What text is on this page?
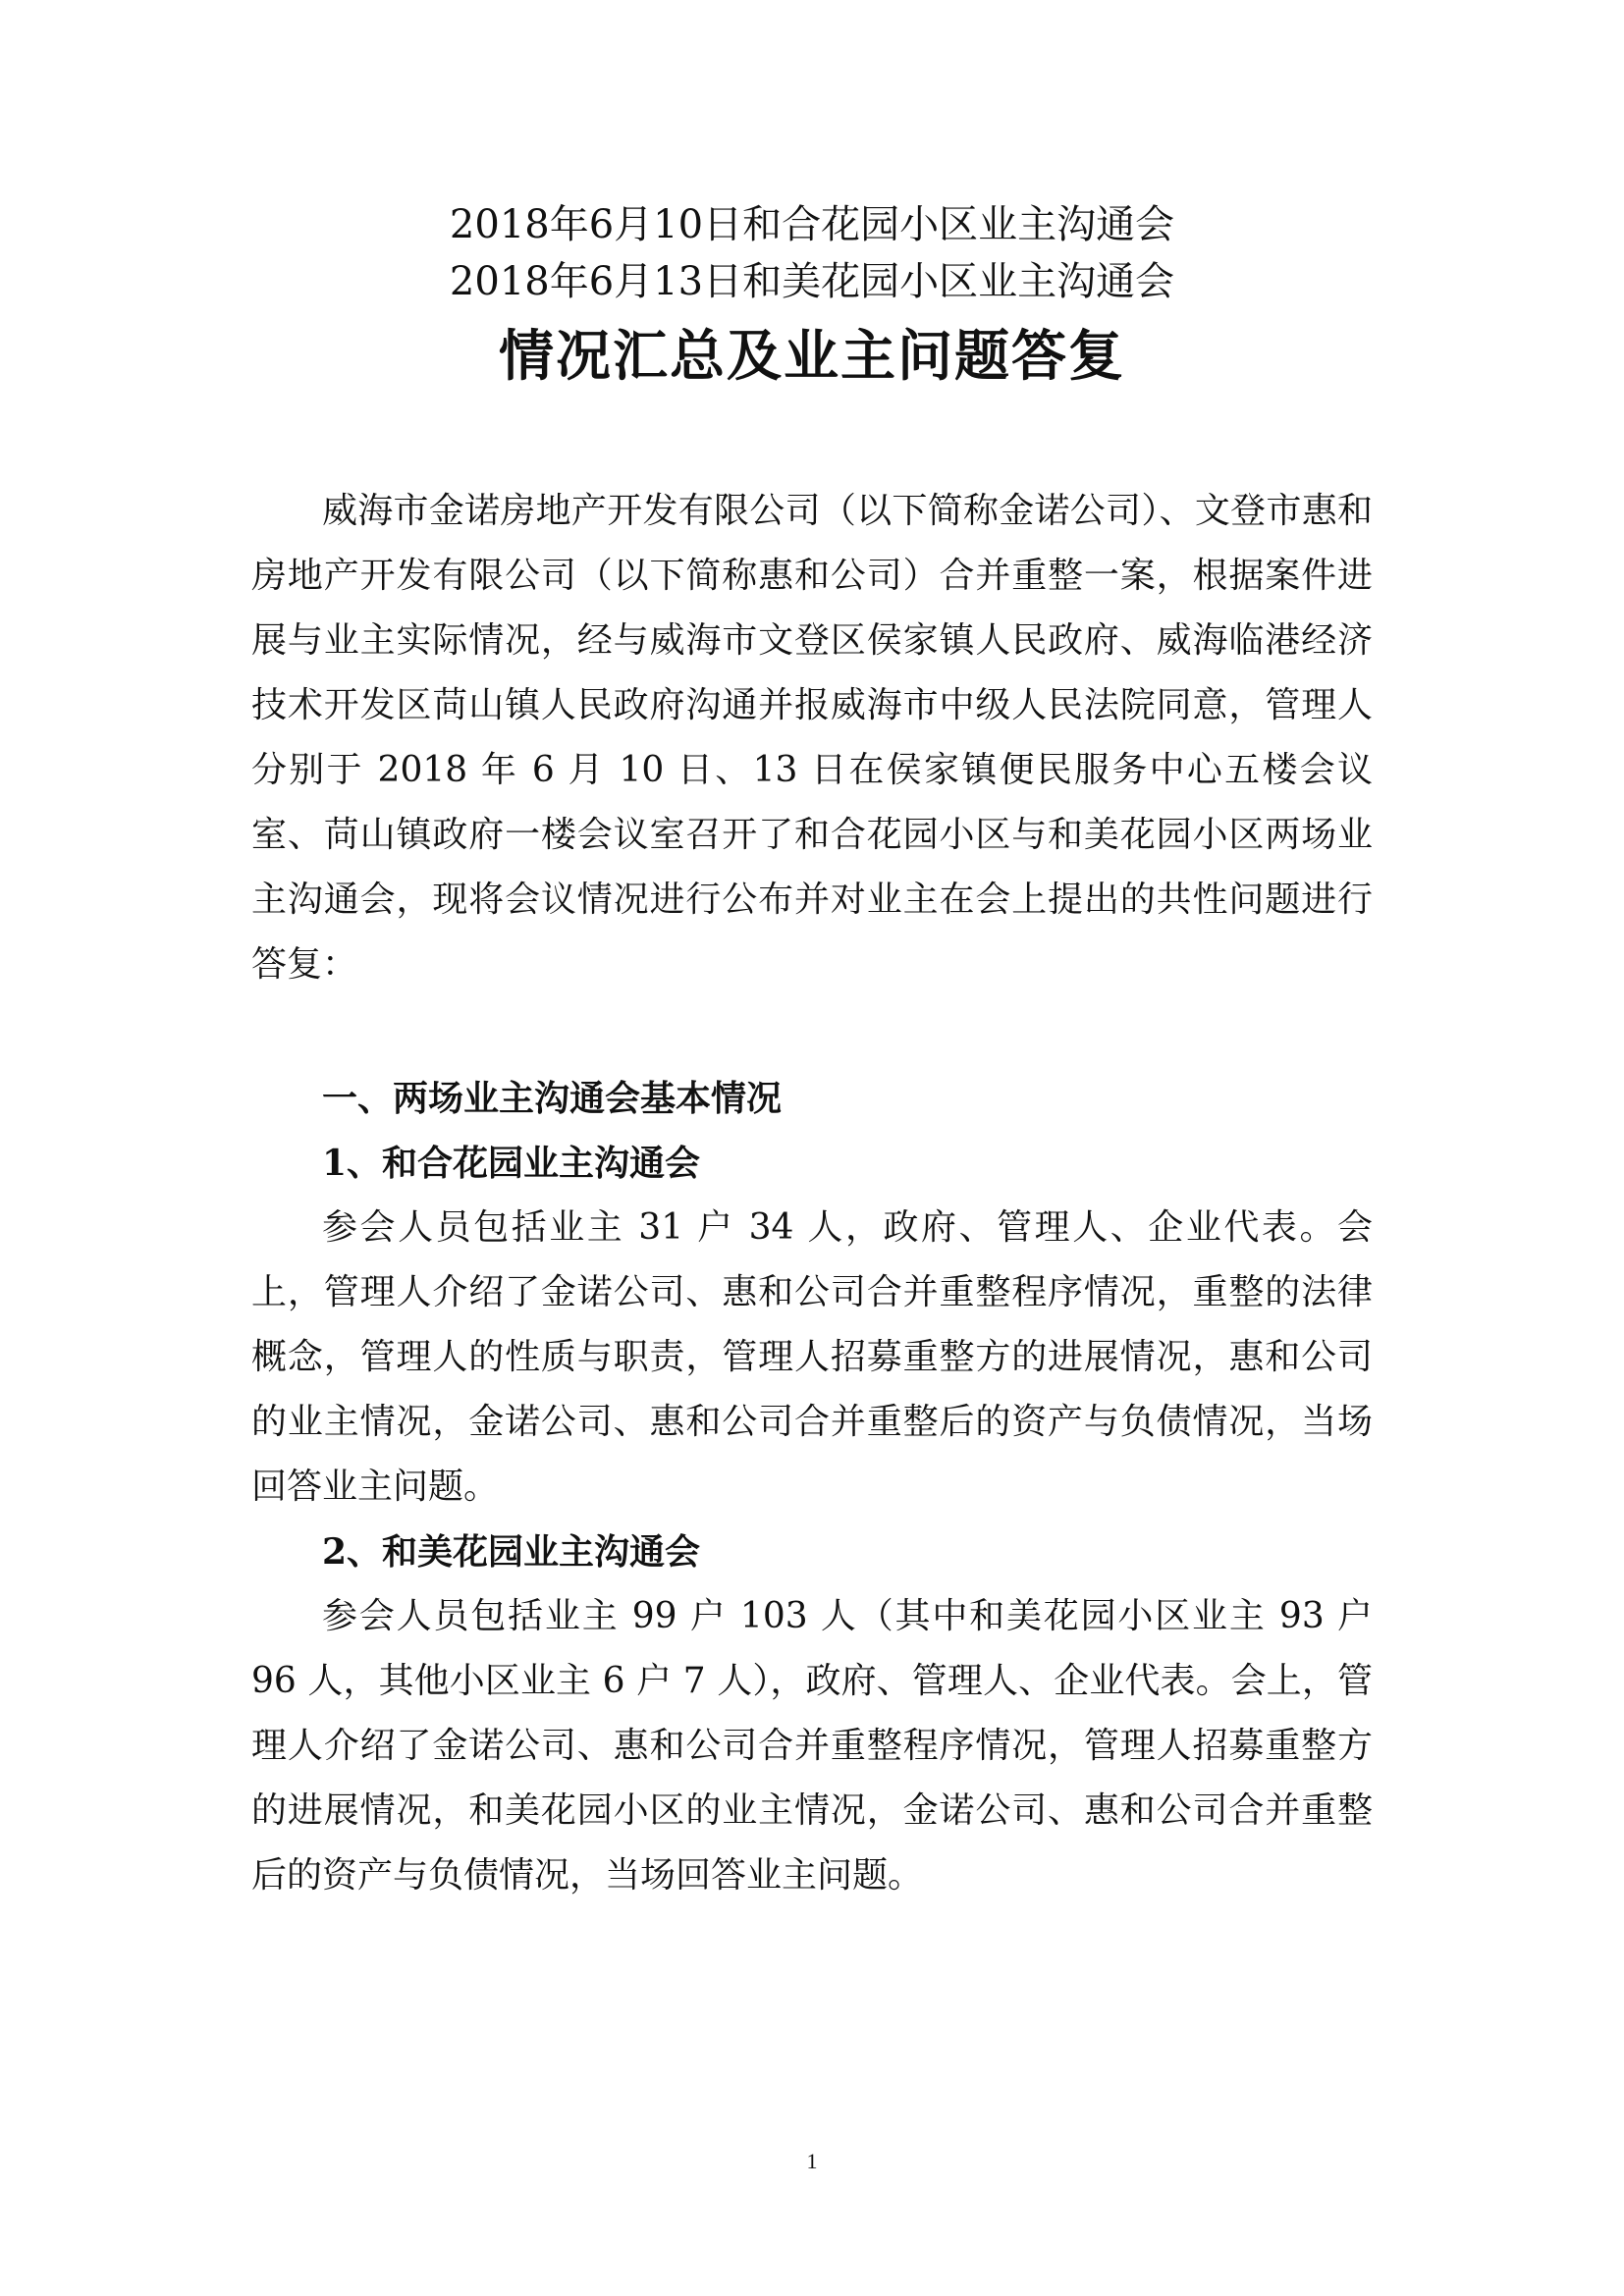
2018年6月10日和合花园小区业主沟通会

2018年6月13日和美花园小区业主沟通会

情况汇总及业主问题答复

威海市金诺房地产开发有限公司（以下简称金诺公司）、文登市惠和房地产开发有限公司（以下简称惠和公司）合并重整一案，根据案件进展与业主实际情况，经与威海市文登区侯家镇人民政府、威海临港经济技术开发区苘山镇人民政府沟通并报威海市中级人民法院同意，管理人分别于 2018 年 6 月 10 日、13 日在侯家镇便民服务中心五楼会议室、苘山镇政府一楼会议室召开了和合花园小区与和美花园小区两场业主沟通会，现将会议情况进行公布并对业主在会上提出的共性问题进行答复：

一、两场业主沟通会基本情况

1、和合花园业主沟通会

参会人员包括业主 31 户 34 人，政府、管理人、企业代表。会上，管理人介绍了金诺公司、惠和公司合并重整程序情况，重整的法律概念，管理人的性质与职责，管理人招募重整方的进展情况，惠和公司的业主情况，金诺公司、惠和公司合并重整后的资产与负债情况，当场回答业主问题。

2、和美花园业主沟通会

参会人员包括业主 99 户 103 人（其中和美花园小区业主 93 户 96 人，其他小区业主 6 户 7 人），政府、管理人、企业代表。会上，管理人介绍了金诺公司、惠和公司合并重整程序情况，管理人招募重整方的进展情况，和美花园小区的业主情况，金诺公司、惠和公司合并重整后的资产与负债情况，当场回答业主问题。

1
